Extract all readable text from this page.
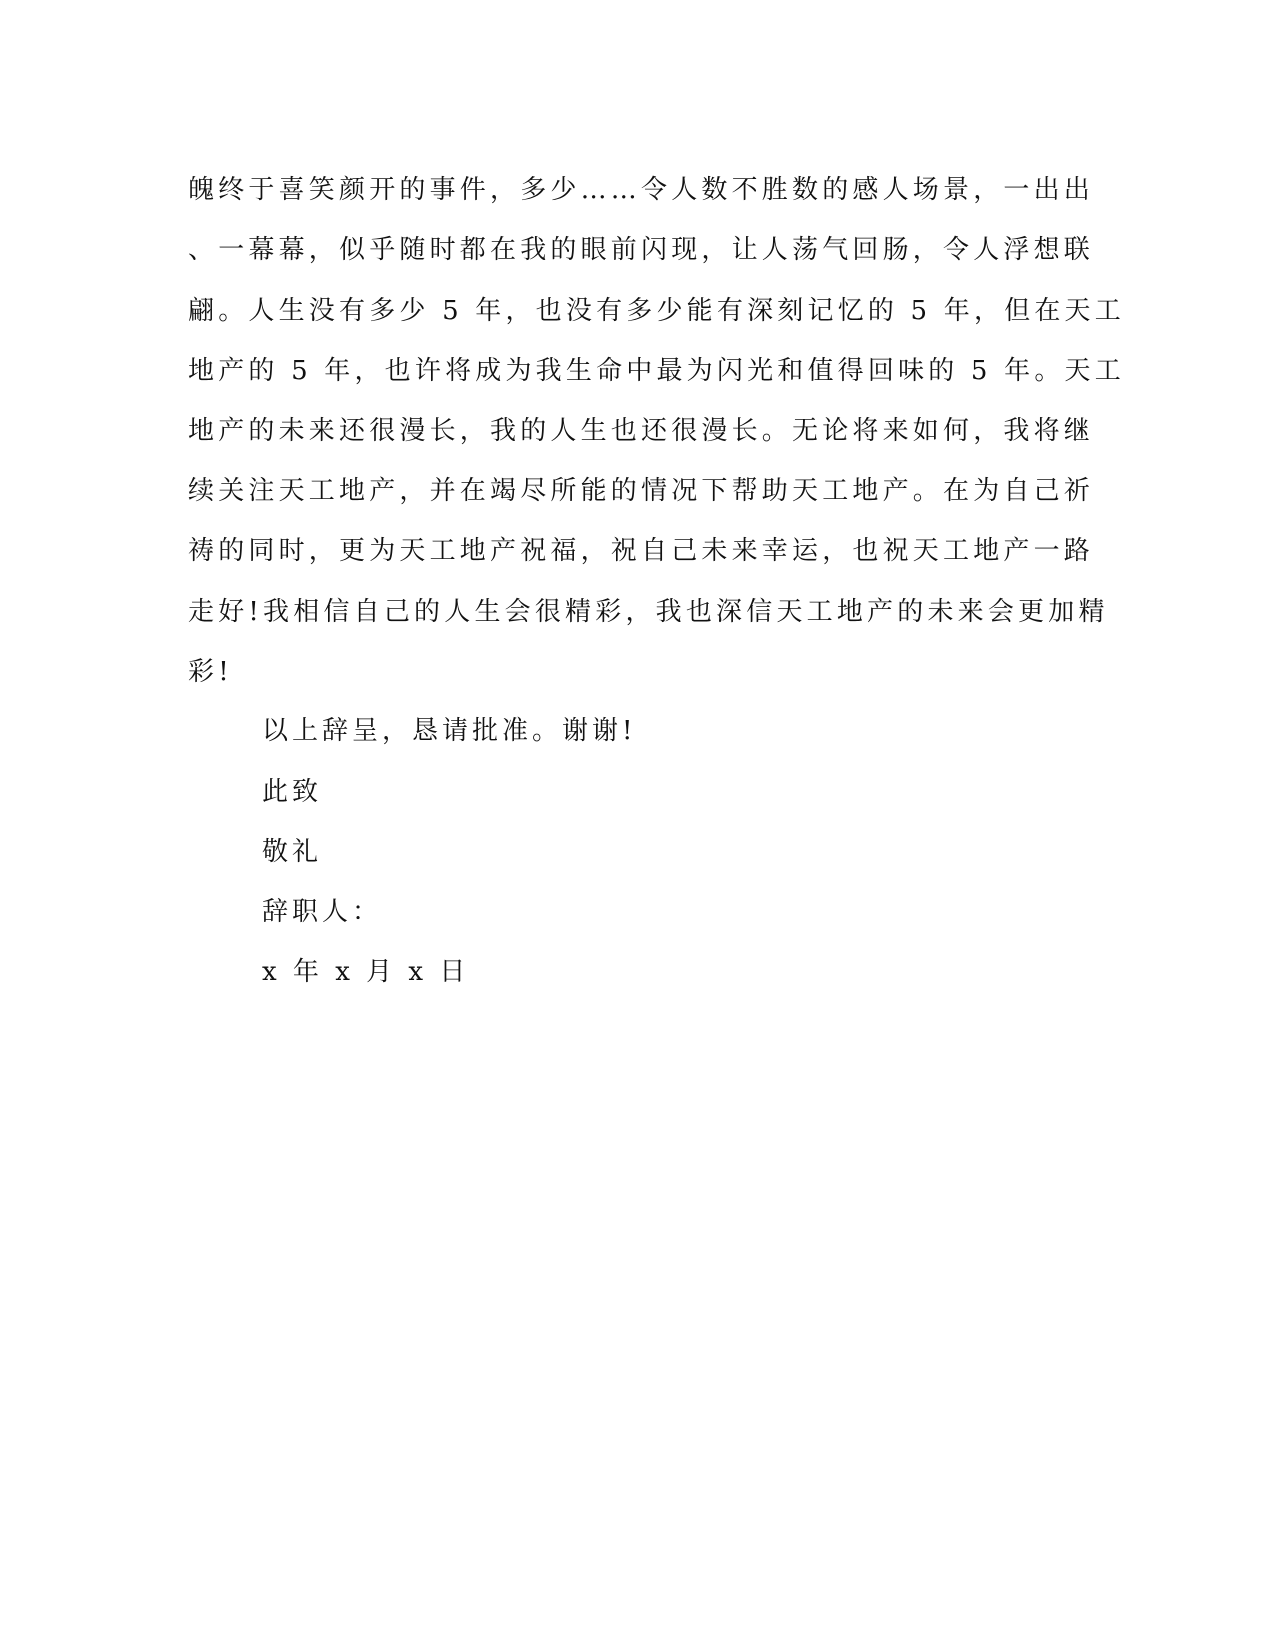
魄终于喜笑颜开的事件，多少……令人数不胜数的感人场景，一出出
、一幕幕，似乎随时都在我的眼前闪现，让人荡气回肠，令人浮想联
翩。人生没有多少 5 年，也没有多少能有深刻记忆的 5 年，但在天工
地产的 5 年，也许将成为我生命中最为闪光和值得回味的 5 年。天工
地产的未来还很漫长，我的人生也还很漫长。无论将来如何，我将继
续关注天工地产，并在竭尽所能的情况下帮助天工地产。在为自己祈
祷的同时，更为天工地产祝福，祝自己未来幸运，也祝天工地产一路
走好!我相信自己的人生会很精彩，我也深信天工地产的未来会更加精
彩!
以上辞呈，恳请批准。谢谢!
此致
敬礼
辞职人：
x 年 x 月 x 日
